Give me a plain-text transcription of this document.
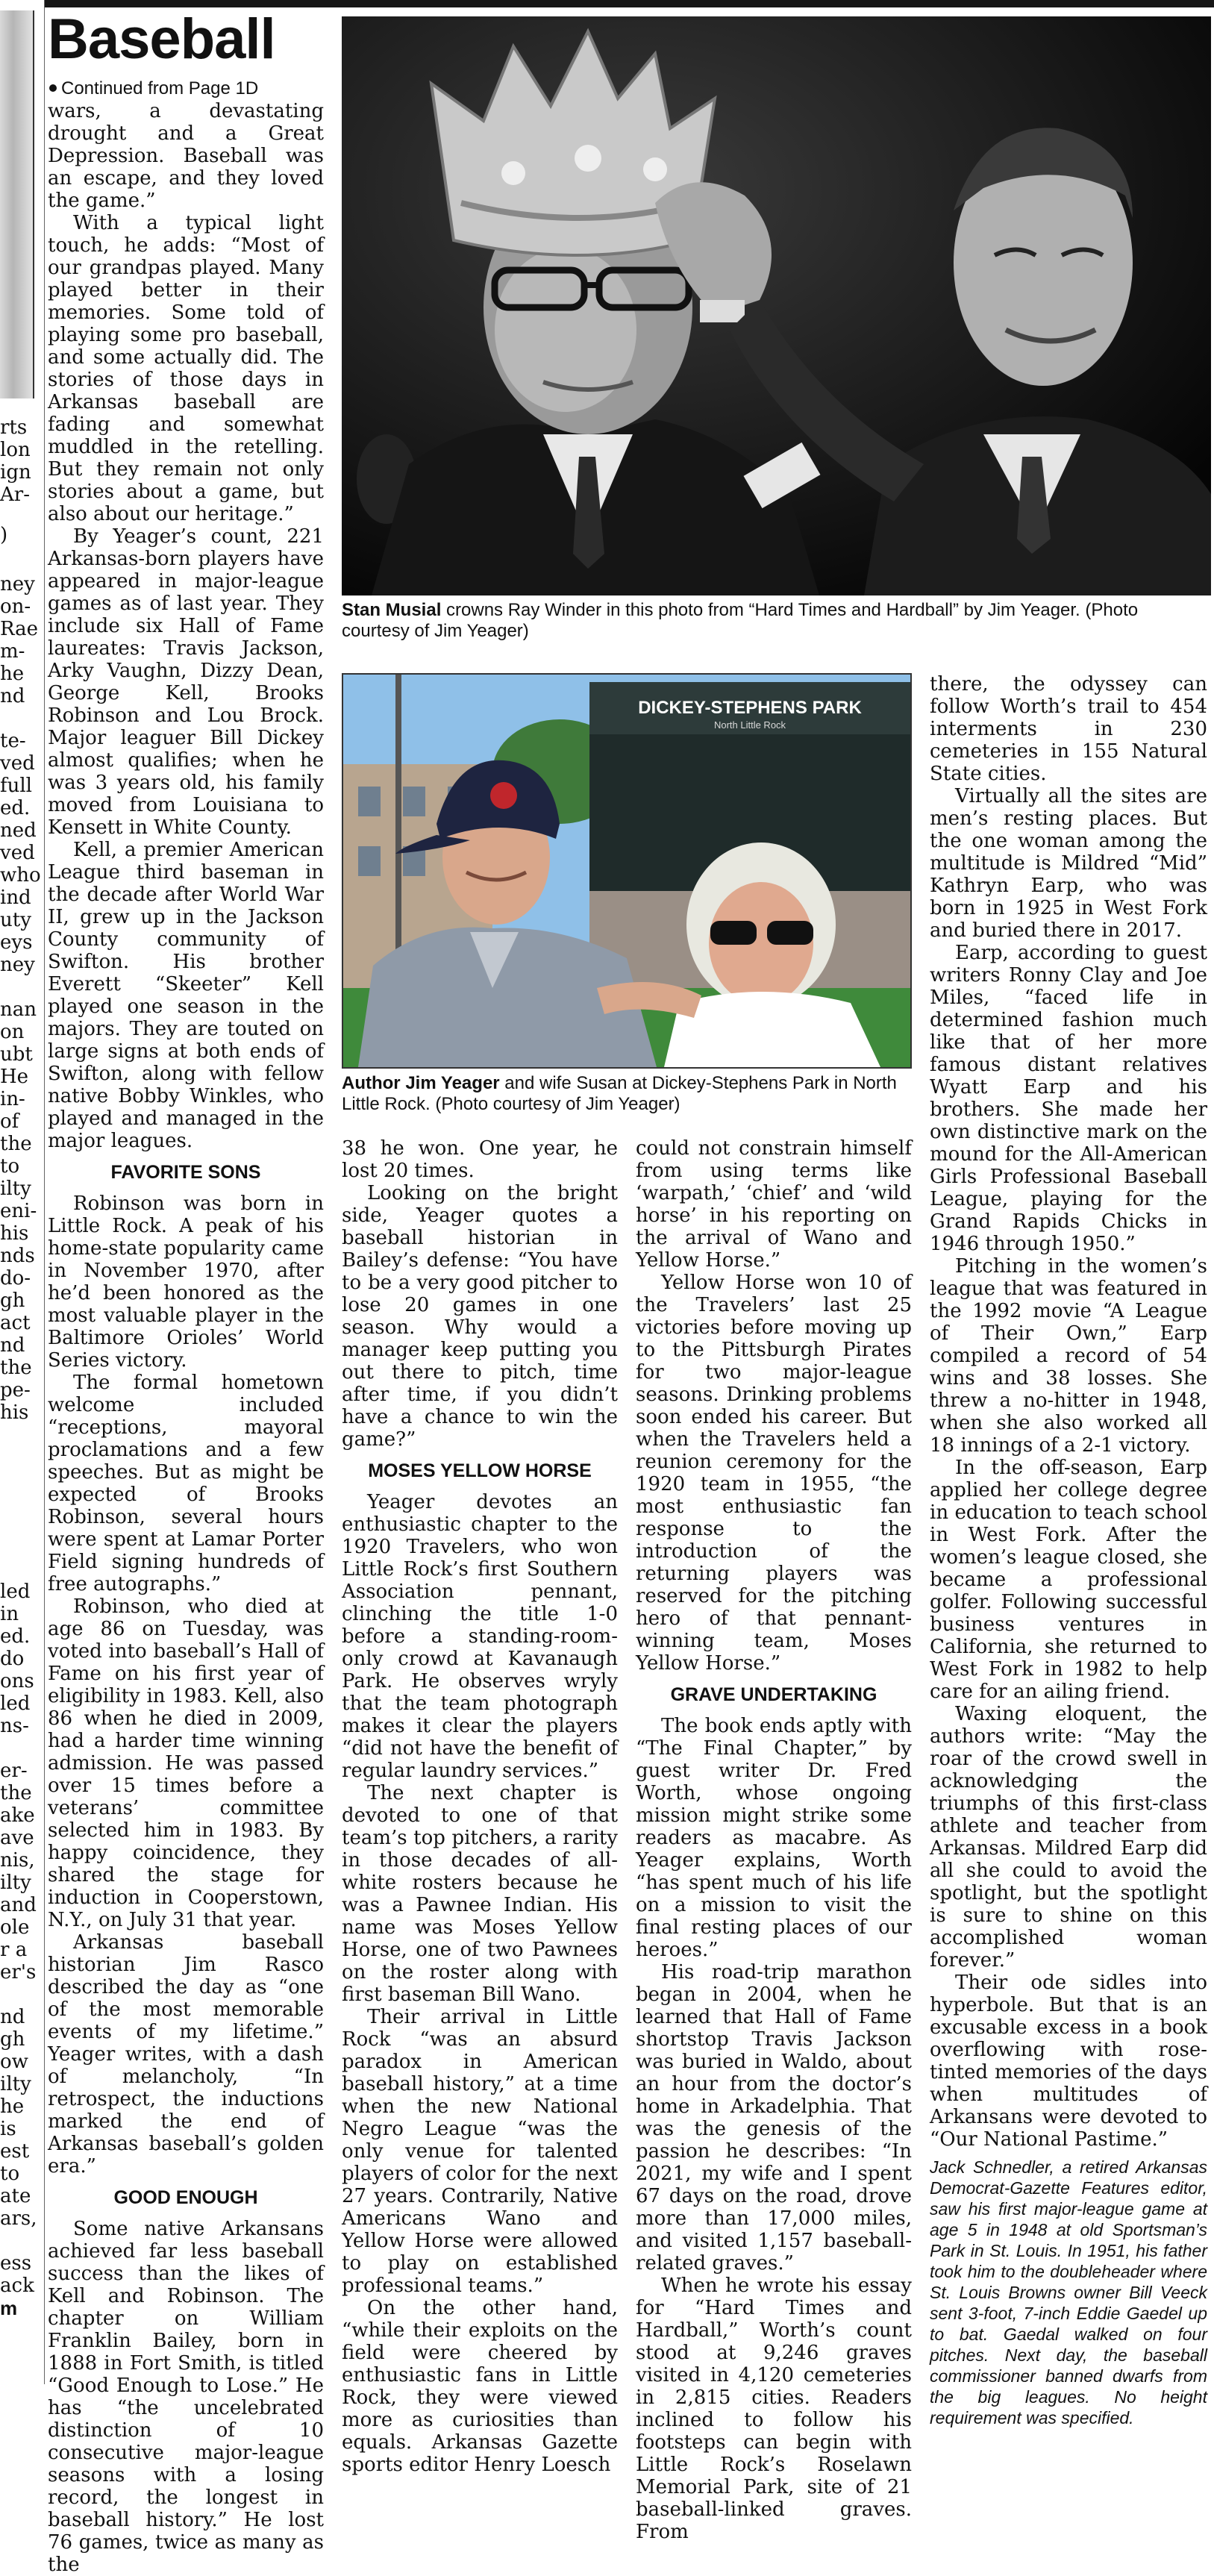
rts
lon
ign
Ar-
)
ney
on-
Rae
m-
he
nd
te-
ved
full
ed.
ned
ved
who
ind
uty
eys
ney
nan
on
ubt
He
in-
of
the
to
ilty
eni-
his
nds
do-
gh
act
nd
the
pe-
his
led
in
ed.
do
ons
led
ns-
er-
the
ake
ave
nis,
ilty
and
ole
r a
er's
nd
gh
ow
ilty
he
is
est
to
ate
ars,
ess
ack
m
Baseball
Continued from Page 1D

wars, a devastating drought and a Great Depression. Baseball was an escape, and they loved the game.”

With a typical light touch, he adds: “Most of our grandpas played. Many played better in their memories. Some told of playing some pro baseball, and some actually did. The stories of those days in Arkansas baseball are fading and somewhat muddled in the retelling. But they remain not only stories about a game, but also about our heritage.”

By Yeager’s count, 221 Arkansas-born players have appeared in major-league games as of last year. They include six Hall of Fame laureates: Travis Jackson, Arky Vaughn, Dizzy Dean, George Kell, Brooks Robinson and Lou Brock. Major leaguer Bill Dickey almost qualifies; when he was 3 years old, his family moved from Louisiana to Kensett in White County.

Kell, a premier American League third baseman in the decade after World War II, grew up in the Jackson County community of Swifton. His brother Everett “Skeeter” Kell played one season in the majors. They are touted on large signs at both ends of Swifton, along with fellow native Bobby Winkles, who played and managed in the major leagues.

FAVORITE SONS

Robinson was born in Little Rock. A peak of his home-state popularity came in November 1970, after he’d been honored as the most valuable player in the Baltimore Orioles’ World Series victory.

The formal hometown welcome included “receptions, mayoral proclamations and a few speeches. But as might be expected of Brooks Robinson, several hours were spent at Lamar Porter Field signing hundreds of free autographs.”

Robinson, who died at age 86 on Tuesday, was voted into baseball’s Hall of Fame on his first year of eligibility in 1983. Kell, also 86 when he died in 2009, had a harder time winning admission. He was passed over 15 times before a veterans’ committee selected him in 1983. By happy coincidence, they shared the stage for induction in Cooperstown, N.Y., on July 31 that year.

Arkansas baseball historian Jim Rasco described the day as “one of the most memorable events of my lifetime.” Yeager writes, with a dash of melancholy, “In retrospect, the inductions marked the end of Arkansas baseball’s golden era.”

GOOD ENOUGH

Some native Arkansans achieved far less baseball success than the likes of Kell and Robinson. The chapter on William Franklin Bailey, born in 1888 in Fort Smith, is titled “Good Enough to Lose.” He has “the uncelebrated distinction of 10 consecutive major-league seasons with a losing record, the longest in baseball history.” He lost 76 games, twice as many as the

Stan Musial crowns Ray Winder in this photo from “Hard Times and Hardball” by Jim Yeager. (Photo courtesy of Jim Yeager)
DICKEY-STEPHENS PARK
North Little Rock
Author Jim Yeager and wife Susan at Dickey-Stephens Park in North Little Rock. (Photo courtesy of Jim Yeager)

38 he won. One year, he lost 20 times.

Looking on the bright side, Yeager quotes a baseball historian in Bailey’s defense: “You have to be a very good pitcher to lose 20 games in one season. Why would a manager keep putting you out there to pitch, time after time, if you didn’t have a chance to win the game?”

MOSES YELLOW HORSE

Yeager devotes an enthusiastic chapter to the 1920 Travelers, who won Little Rock’s first Southern Association pennant, clinching the title 1-0 before a standing-room-only crowd at Kavanaugh Park. He observes wryly that the team photograph makes it clear the players “did not have the benefit of regular laundry services.”

The next chapter is devoted to one of that team’s top pitchers, a rarity in those decades of all-white rosters because he was a Pawnee Indian. His name was Moses Yellow Horse, one of two Pawnees on the roster along with first baseman Bill Wano.

Their arrival in Little Rock “was an absurd paradox in American baseball history,” at a time when the new National Negro League “was the only venue for talented players of color for the next 27 years. Contrarily, Native Americans Wano and Yellow Horse were allowed to play on established professional teams.”

On the other hand, “while their exploits on the field were cheered by enthusiastic fans in Little Rock, they were viewed more as curiosities than equals. Arkansas Gazette sports editor Henry Loesch

could not constrain himself from using terms like ‘warpath,’ ‘chief’ and ‘wild horse’ in his reporting on the arrival of Wano and Yellow Horse.”

Yellow Horse won 10 of the Travelers’ last 25 victories before moving up to the Pittsburgh Pirates for two major-league seasons. Drinking problems soon ended his career. But when the Travelers held a reunion ceremony for the 1920 team in 1955, “the most enthusiastic fan response to the introduction of the returning players was reserved for the pitching hero of that pennant-winning team, Moses Yellow Horse.”

GRAVE UNDERTAKING

The book ends aptly with “The Final Chapter,” by guest writer Dr. Fred Worth, whose ongoing mission might strike some readers as macabre. As Yeager explains, Worth “has spent much of his life on a mission to visit the final resting places of our heroes.”

His road-trip marathon began in 2004, when he learned that Hall of Fame shortstop Travis Jackson was buried in Waldo, about an hour from the doctor’s home in Arkadelphia. That was the genesis of the passion he describes: “In 2021, my wife and I spent 67 days on the road, drove more than 17,000 miles, and visited 1,157 baseball-related graves.”

When he wrote his essay for “Hard Times and Hardball,” Worth’s count stood at 9,246 graves visited in 4,120 cemeteries in 2,815 cities. Readers inclined to follow his footsteps can begin with Little Rock’s Roselawn Memorial Park, site of 21 baseball-linked graves. From

there, the odyssey can follow Worth’s trail to 454 interments in 230 cemeteries in 155 Natural State cities.

Virtually all the sites are men’s resting places. But the one woman among the multitude is Mildred “Mid” Kathryn Earp, who was born in 1925 in West Fork and buried there in 2017.

Earp, according to guest writers Ronny Clay and Joe Miles, “faced life in determined fashion much like that of her more famous distant relatives Wyatt Earp and his brothers. She made her own distinctive mark on the mound for the All-American Girls Professional Baseball League, playing for the Grand Rapids Chicks in 1946 through 1950.”

Pitching in the women’s league that was featured in the 1992 movie “A League of Their Own,” Earp compiled a record of 54 wins and 38 losses. She threw a no-hitter in 1948, when she also worked all 18 innings of a 2-1 victory.

In the off-season, Earp applied her college degree in education to teach school in West Fork. After the women’s league closed, she became a professional golfer. Following successful business ventures in California, she returned to West Fork in 1982 to help care for an ailing friend.

Waxing eloquent, the authors write: “May the roar of the crowd swell in acknowledging the triumphs of this first-class athlete and teacher from Arkansas. Mildred Earp did all she could to avoid the spotlight, but the spotlight is sure to shine on this accomplished woman forever.”

Their ode sidles into hyperbole. But that is an excusable excess in a book overflowing with rose-tinted memories of the days when multitudes of Arkansans were devoted to “Our National Pastime.”

Jack Schnedler, a retired Arkansas Democrat-Gazette Features editor, saw his first major-league game at age 5 in 1948 at old Sportsman’s Park in St. Louis. In 1951, his father took him to the doubleheader where St. Louis Browns owner Bill Veeck sent 3-foot, 7-inch Eddie Gaedel up to bat. Gaedal walked on four pitches. Next day, the baseball commissioner banned dwarfs from the big leagues. No height requirement was specified.
